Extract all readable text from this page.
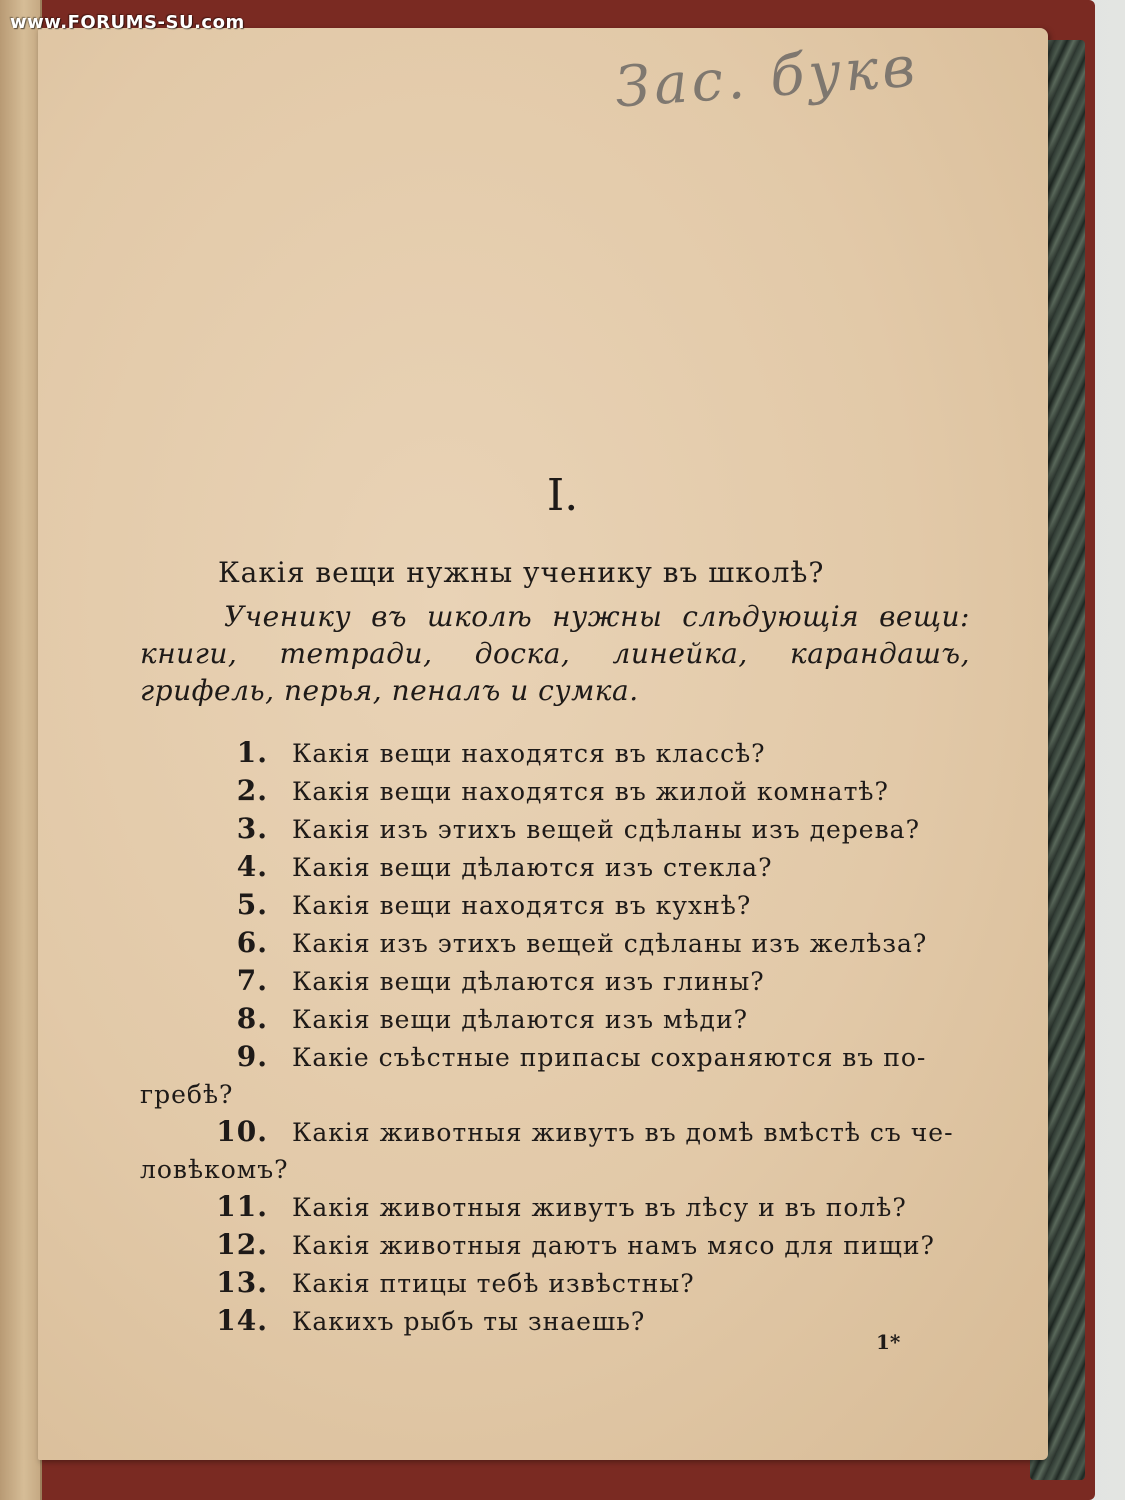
www.FORUMS-SU.com
Зас. букв
I.
Какія вещи нужны ученику въ школѣ?
Ученику въ школѣ нужны слѣдующія вещи: книги, тетради, доска, линейка, карандашъ, грифель, перья, пеналъ и сумка.
1. Какія вещи находятся въ классѣ?
2. Какія вещи находятся въ жилой комнатѣ?
3. Какія изъ этихъ вещей сдѣланы изъ дерева?
4. Какія вещи дѣлаются изъ стекла?
5. Какія вещи находятся въ кухнѣ?
6. Какія изъ этихъ вещей сдѣланы изъ желѣза?
7. Какія вещи дѣлаются изъ глины?
8. Какія вещи дѣлаются изъ мѣди?
9. Какіе съѣстные припасы сохраняются въ по-
гребѣ?
10. Какія животныя живутъ въ домѣ вмѣстѣ съ че-
ловѣкомъ?
11. Какія животныя живутъ въ лѣсу и въ полѣ?
12. Какія животныя даютъ намъ мясо для пищи?
13. Какія птицы тебѣ извѣстны?
14. Какихъ рыбъ ты знаешь?
1*
